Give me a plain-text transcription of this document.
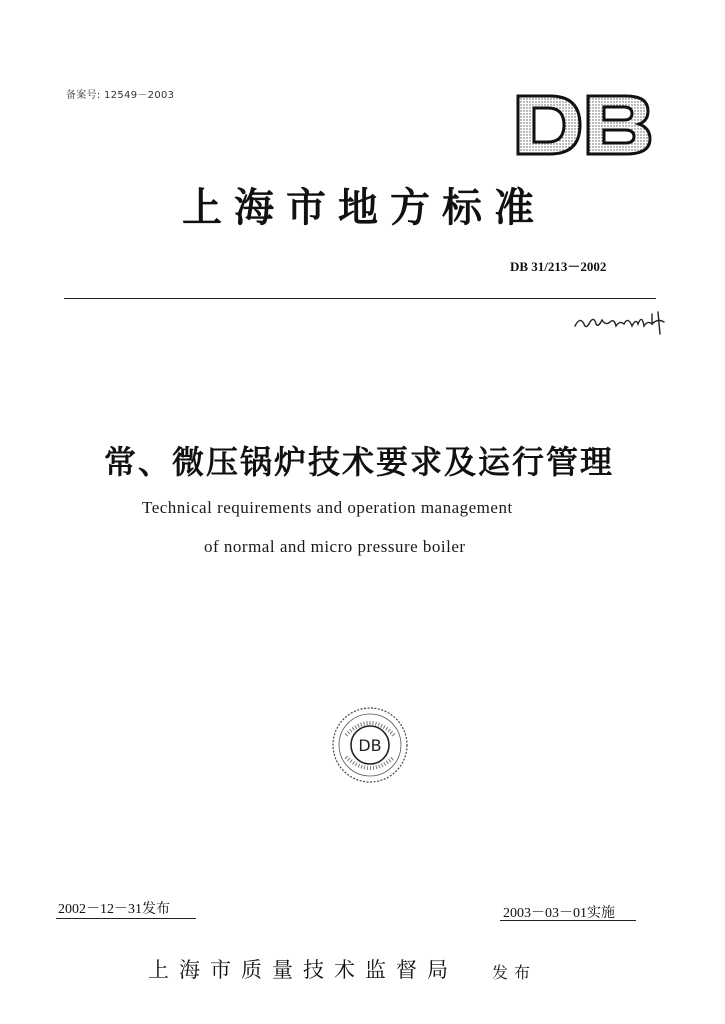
备案号: 12549－2003
上海市地方标准
DB 31/213－2002
常、微压锅炉技术要求及运行管理
Technical requirements and operation management
of normal and micro pressure boiler
DB
2002－12－31发布	2003－03－01实施
上海市质量技术监督局 发布
